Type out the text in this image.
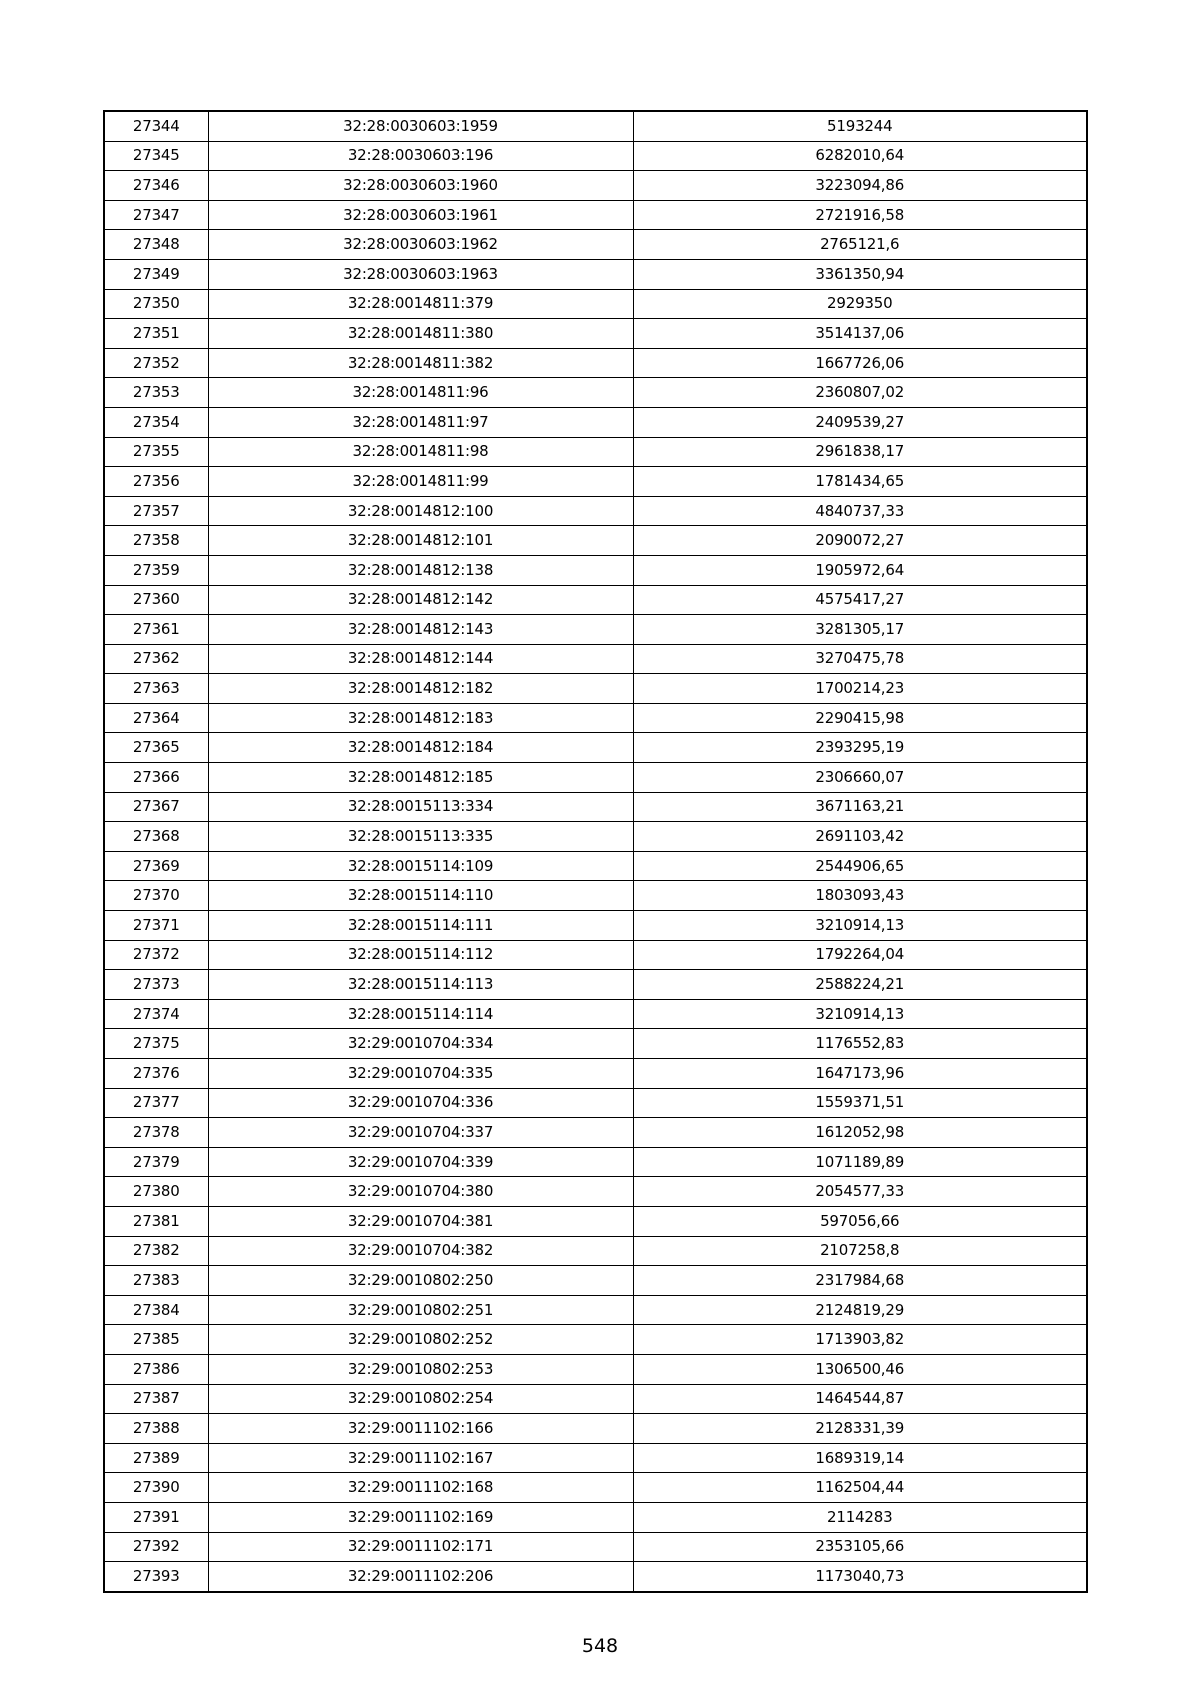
27344	32:28:0030603:1959	5193244
27345	32:28:0030603:196	6282010,64
27346	32:28:0030603:1960	3223094,86
27347	32:28:0030603:1961	2721916,58
27348	32:28:0030603:1962	2765121,6
27349	32:28:0030603:1963	3361350,94
27350	32:28:0014811:379	2929350
27351	32:28:0014811:380	3514137,06
27352	32:28:0014811:382	1667726,06
27353	32:28:0014811:96	2360807,02
27354	32:28:0014811:97	2409539,27
27355	32:28:0014811:98	2961838,17
27356	32:28:0014811:99	1781434,65
27357	32:28:0014812:100	4840737,33
27358	32:28:0014812:101	2090072,27
27359	32:28:0014812:138	1905972,64
27360	32:28:0014812:142	4575417,27
27361	32:28:0014812:143	3281305,17
27362	32:28:0014812:144	3270475,78
27363	32:28:0014812:182	1700214,23
27364	32:28:0014812:183	2290415,98
27365	32:28:0014812:184	2393295,19
27366	32:28:0014812:185	2306660,07
27367	32:28:0015113:334	3671163,21
27368	32:28:0015113:335	2691103,42
27369	32:28:0015114:109	2544906,65
27370	32:28:0015114:110	1803093,43
27371	32:28:0015114:111	3210914,13
27372	32:28:0015114:112	1792264,04
27373	32:28:0015114:113	2588224,21
27374	32:28:0015114:114	3210914,13
27375	32:29:0010704:334	1176552,83
27376	32:29:0010704:335	1647173,96
27377	32:29:0010704:336	1559371,51
27378	32:29:0010704:337	1612052,98
27379	32:29:0010704:339	1071189,89
27380	32:29:0010704:380	2054577,33
27381	32:29:0010704:381	597056,66
27382	32:29:0010704:382	2107258,8
27383	32:29:0010802:250	2317984,68
27384	32:29:0010802:251	2124819,29
27385	32:29:0010802:252	1713903,82
27386	32:29:0010802:253	1306500,46
27387	32:29:0010802:254	1464544,87
27388	32:29:0011102:166	2128331,39
27389	32:29:0011102:167	1689319,14
27390	32:29:0011102:168	1162504,44
27391	32:29:0011102:169	2114283
27392	32:29:0011102:171	2353105,66
27393	32:29:0011102:206	1173040,73
548
